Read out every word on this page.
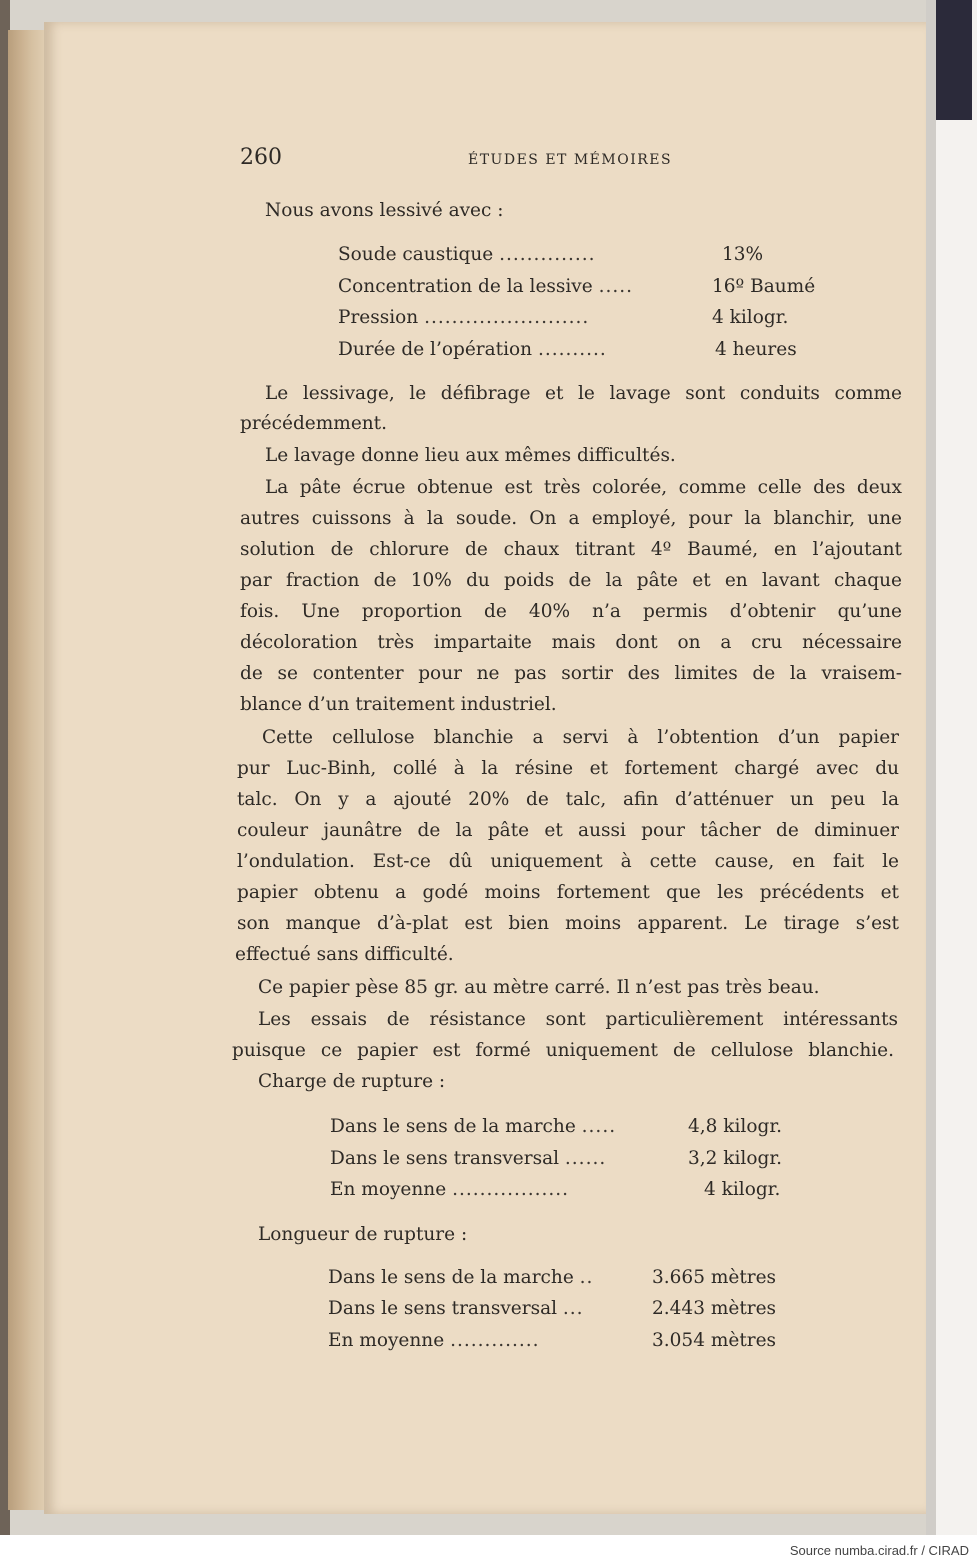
260	ÉTUDES ET MÉMOIRES
Nous avons lessivé avec :
Soude caustique ..............	13%
Concentration de la lessive .....	16º Baumé
Pression ........................	4 kilogr.
Durée de l’opération ..........	4 heures
Le lessivage, le défibrage et le lavage sont conduits comme
précédemment.
Le lavage donne lieu aux mêmes difficultés.
La pâte écrue obtenue est très colorée, comme celle des deux
autres cuissons à la soude. On a employé, pour la blanchir, une
solution de chlorure de chaux titrant 4º Baumé, en l’ajoutant
par fraction de 10% du poids de la pâte et en lavant chaque
fois. Une proportion de 40% n’a permis d’obtenir qu’une
décoloration très impartaite mais dont on a cru nécessaire
de se contenter pour ne pas sortir des limites de la vraisem-
blance d’un traitement industriel.
Cette cellulose blanchie a servi à l’obtention d’un papier
pur Luc-Binh, collé à la résine et fortement chargé avec du
talc. On y a ajouté 20% de talc, afin d’atténuer un peu la
couleur jaunâtre de la pâte et aussi pour tâcher de diminuer
l’ondulation. Est-ce dû uniquement à cette cause, en fait le
papier obtenu a godé moins fortement que les précédents et
son manque d’à-plat est bien moins apparent. Le tirage s’est
effectué sans difficulté.
Ce papier pèse 85 gr. au mètre carré. Il n’est pas très beau.
Les essais de résistance sont particulièrement intéressants
puisque ce papier est formé uniquement de cellulose blanchie.
Charge de rupture :
Dans le sens de la marche .....	4,8 kilogr.
Dans le sens transversal ......	3,2 kilogr.
En moyenne .................	4 kilogr.
Longueur de rupture :
Dans le sens de la marche ..	3.665 mètres
Dans le sens transversal ...	2.443 mètres
En moyenne .............	3.054 mètres
Source numba.cirad.fr / CIRAD
